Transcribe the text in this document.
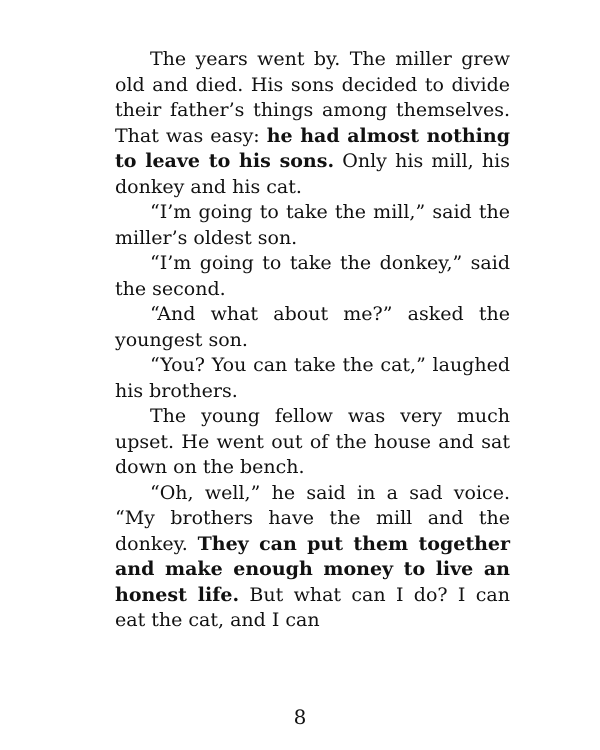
The years went by. The miller grew old and died. His sons decided to divide their father’s things among themselves. That was easy: he had almost nothing to leave to his sons. Only his mill, his donkey and his cat.

“I’m going to take the mill,” said the miller’s oldest son.

“I’m going to take the donkey,” said the second.

“And what about me?” asked the youngest son.

“You? You can take the cat,” laughed his brothers.

The young fellow was very much upset. He went out of the house and sat down on the bench.

“Oh, well,” he said in a sad voice. “My brothers have the mill and the donkey. They can put them together and make enough money to live an honest life. But what can I do? I can eat the cat, and I can

8
